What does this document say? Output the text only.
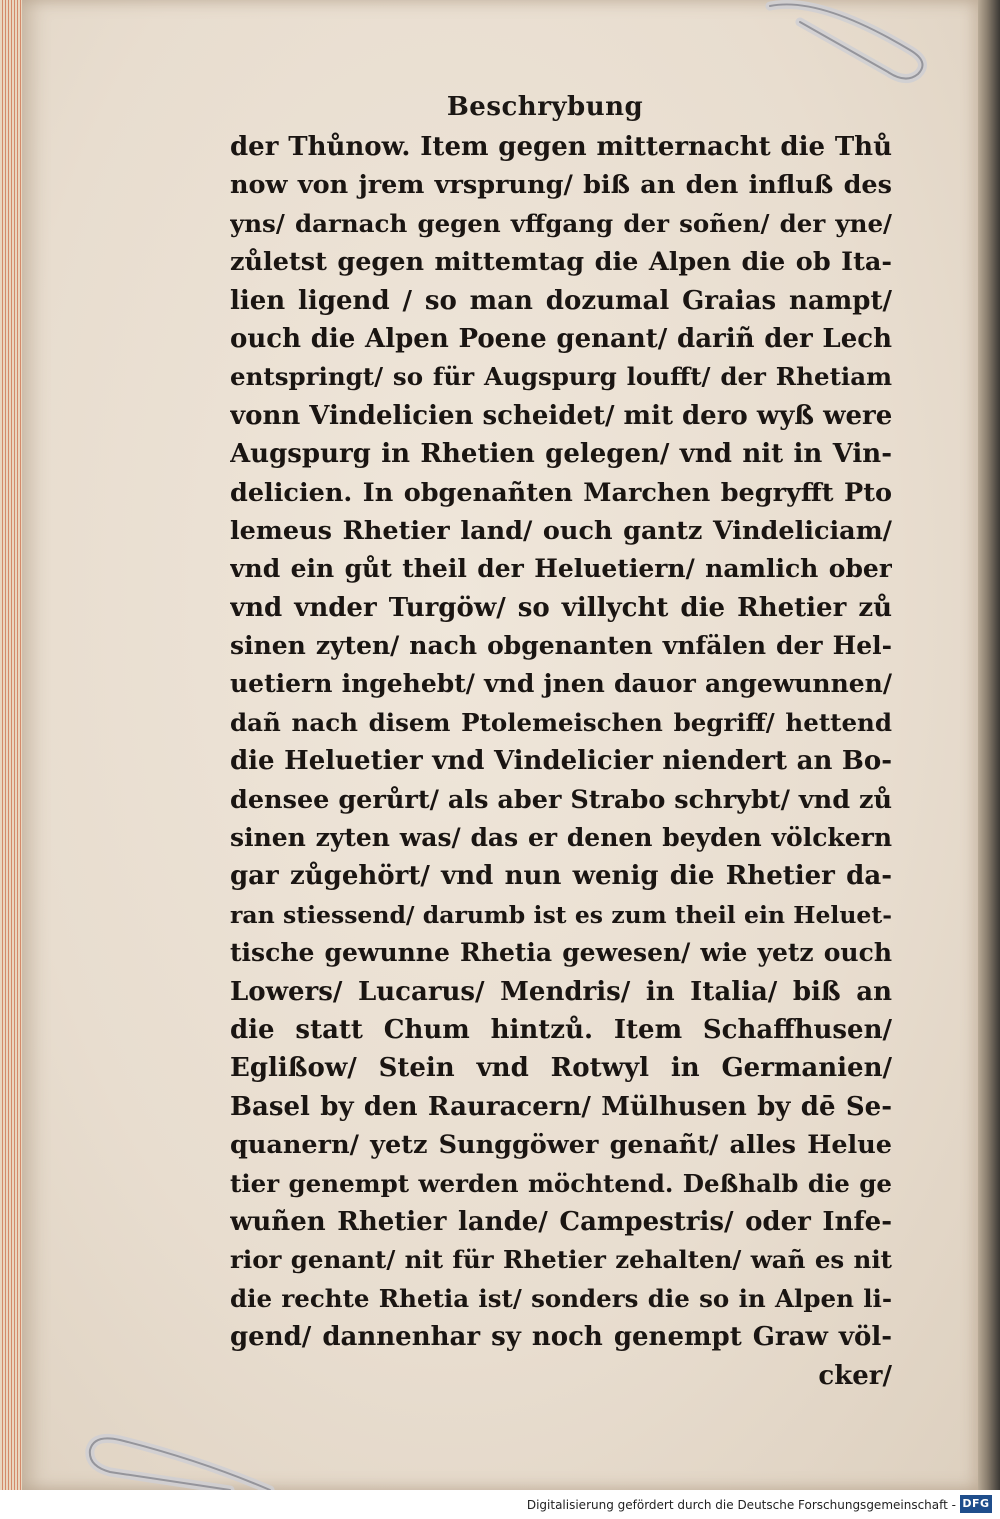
Beschrybung
der Thůnow. Item gegen mitternacht die Thů
now von jrem vrsprung/ biß an den influß des
yns/ darnach gegen vffgang der soñen/ der yne/
zůletst gegen mittemtag die Alpen die ob Ita-
lien ligend / so man dozumal Graias nampt/
ouch die Alpen Poene genant/ dariñ der Lech
entspringt/ so für Augspurg loufft/ der Rhetiam
vonn Vindelicien scheidet/ mit dero wyß were
Augspurg in Rhetien gelegen/ vnd nit in Vin-
delicien. In obgenañten Marchen begryfft Pto
lemeus Rhetier land/ ouch gantz Vindeliciam/
vnd ein gůt theil der Heluetiern/ namlich ober
vnd vnder Turgöw/ so villycht die Rhetier zů
sinen zyten/ nach obgenanten vnfälen der Hel-
uetiern ingehebt/ vnd jnen dauor angewunnen/
dañ nach disem Ptolemeischen begriff/ hettend
die Heluetier vnd Vindelicier niendert an Bo-
densee gerůrt/ als aber Strabo schrybt/ vnd zů
sinen zyten was/ das er denen beyden völckern
gar zůgehört/ vnd nun wenig die Rhetier da-
ran stiessend/ darumb ist es zum theil ein Heluet-
tische gewunne Rhetia gewesen/ wie yetz ouch
Lowers/ Lucarus/ Mendris/ in Italia/ biß an
die statt Chum hintzů. Item Schaffhusen/
Eglißow/ Stein vnd Rotwyl in Germanien/
Basel by den Rauracern/ Mülhusen by dē Se-
quanern/ yetz Sunggöwer genañt/ alles Helue
tier genempt werden möchtend. Deßhalb die ge
wuñen Rhetier lande/ Campestris/ oder Infe-
rior genant/ nit für Rhetier zehalten/ wañ es nit
die rechte Rhetia ist/ sonders die so in Alpen li-
gend/ dannenhar sy noch genempt Graw völ-
cker/
Digitalisierung gefördert durch die Deutsche Forschungsgemeinschaft - DFG
